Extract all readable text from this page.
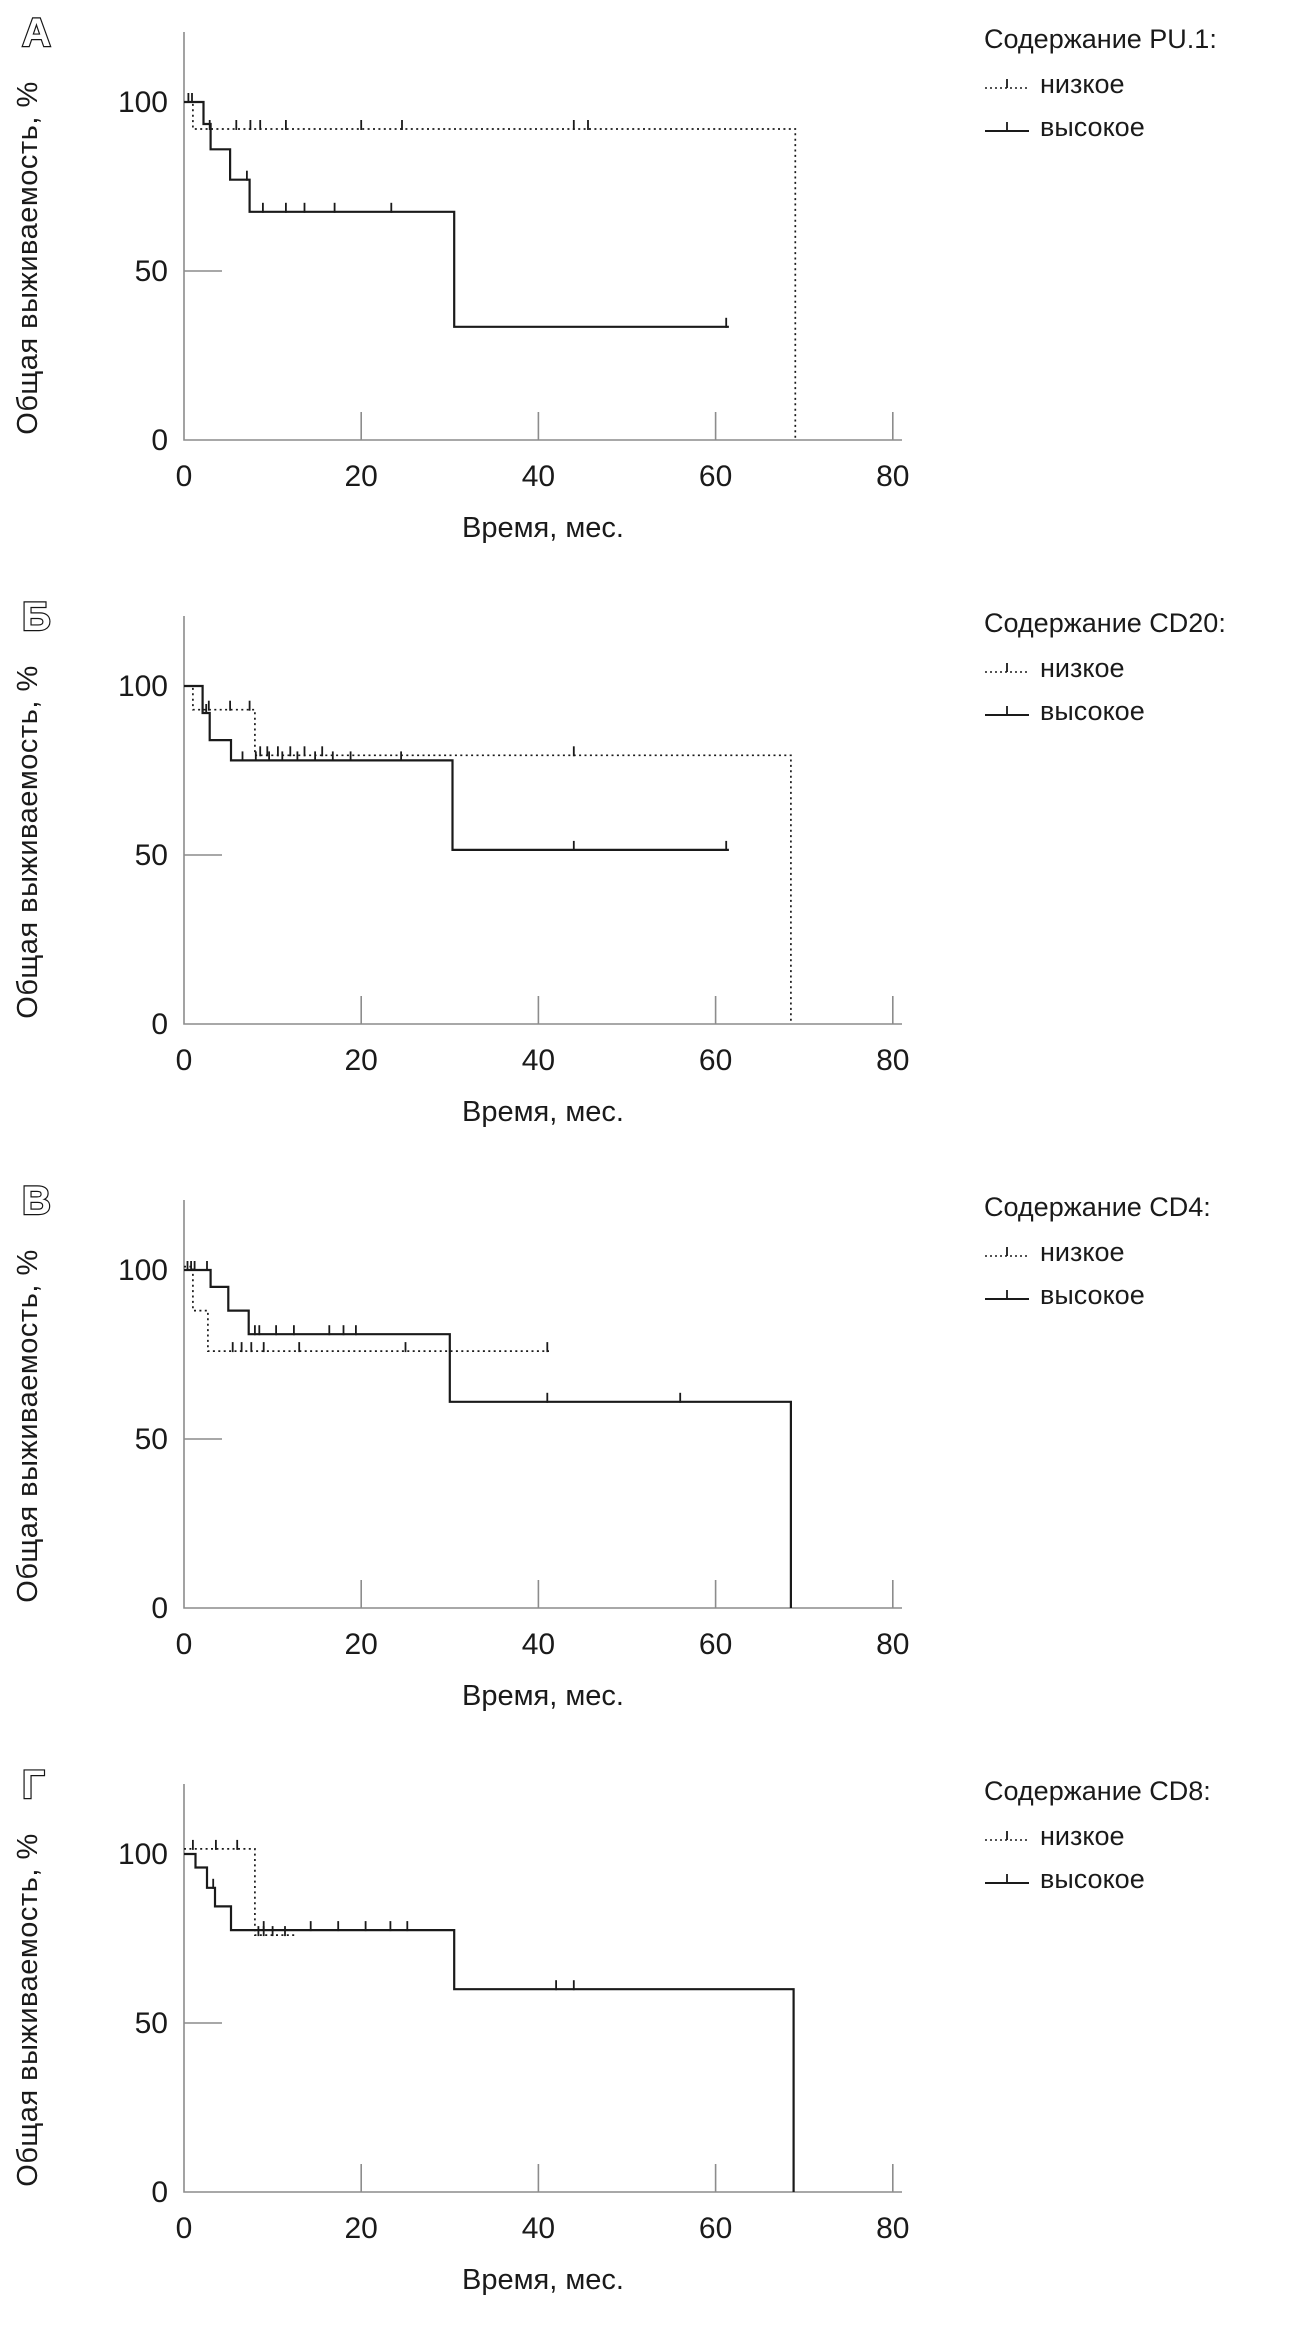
А
0	20	40	60	80
0
50
100
Общая выживаемость, %
Время, мес.
Содержание PU.1:
низкое
высокое
Б
0	20	40	60	80
0
50
100
Общая выживаемость, %
Время, мес.
Содержание CD20:
низкое
высокое
В
0	20	40	60	80
0
50
100
Общая выживаемость, %
Время, мес.
Содержание CD4:
низкое
высокое
Г
0	20	40	60	80
0
50
100
Общая выживаемость, %
Время, мес.
Содержание CD8:
низкое
высокое
